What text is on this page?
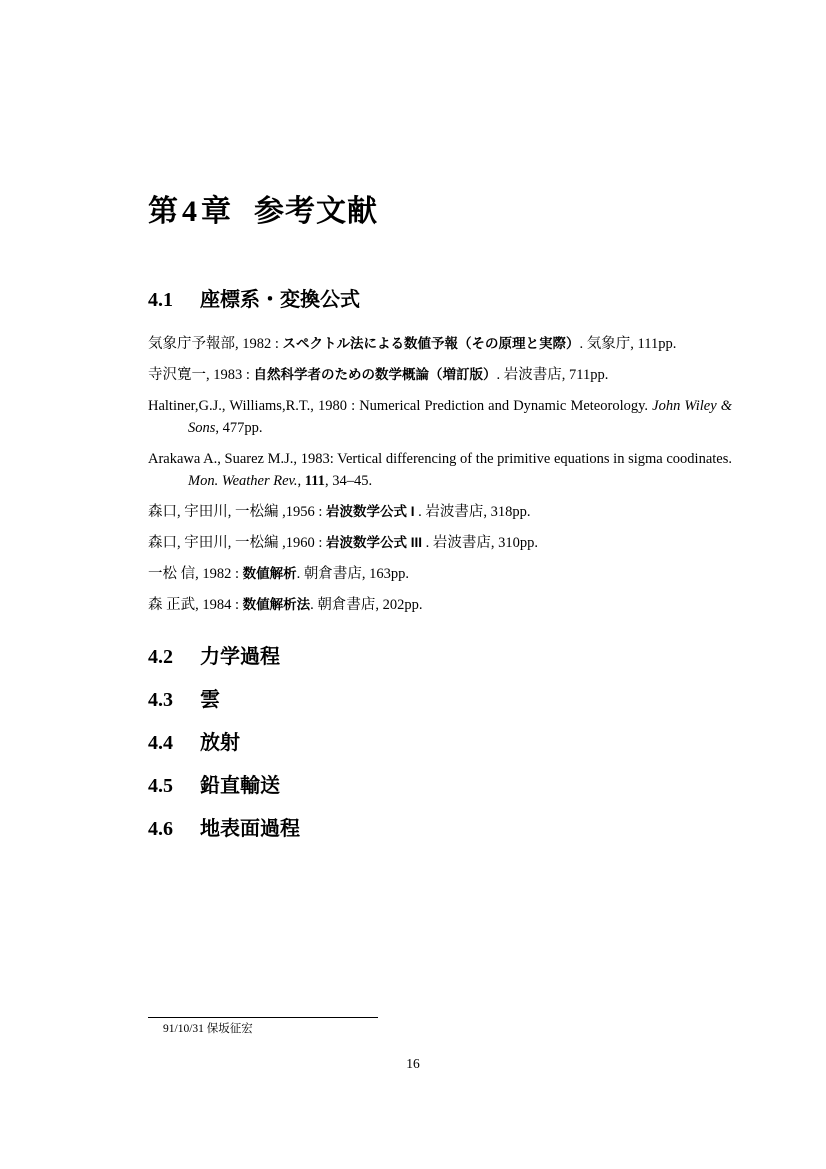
第 4 章 参考文献
4.1 座標系・変換公式

気象庁予報部, 1982 : スペクトル法による数値予報（その原理と実際）. 気象庁, 111pp.

寺沢寛一, 1983 : 自然科学者のための数学概論（増訂版）. 岩波書店, 711pp.

Haltiner,G.J., Williams,R.T., 1980 : Numerical Prediction and Dynamic Meteorology. John Wiley & Sons, 477pp.

Arakawa A., Suarez M.J., 1983: Vertical differencing of the primitive equations in sigma coodinates. Mon. Weather Rev., 111, 34–45.

森口, 宇田川, 一松編 ,1956 : 岩波数学公式 I . 岩波書店, 318pp.

森口, 宇田川, 一松編 ,1960 : 岩波数学公式 III . 岩波書店, 310pp.

一松 信, 1982 : 数値解析. 朝倉書店, 163pp.

森 正武, 1984 : 数値解析法. 朝倉書店, 202pp.

4.2 力学過程
4.3 雲
4.4 放射
4.5 鉛直輸送
4.6 地表面過程
91/10/31 保坂征宏
16
